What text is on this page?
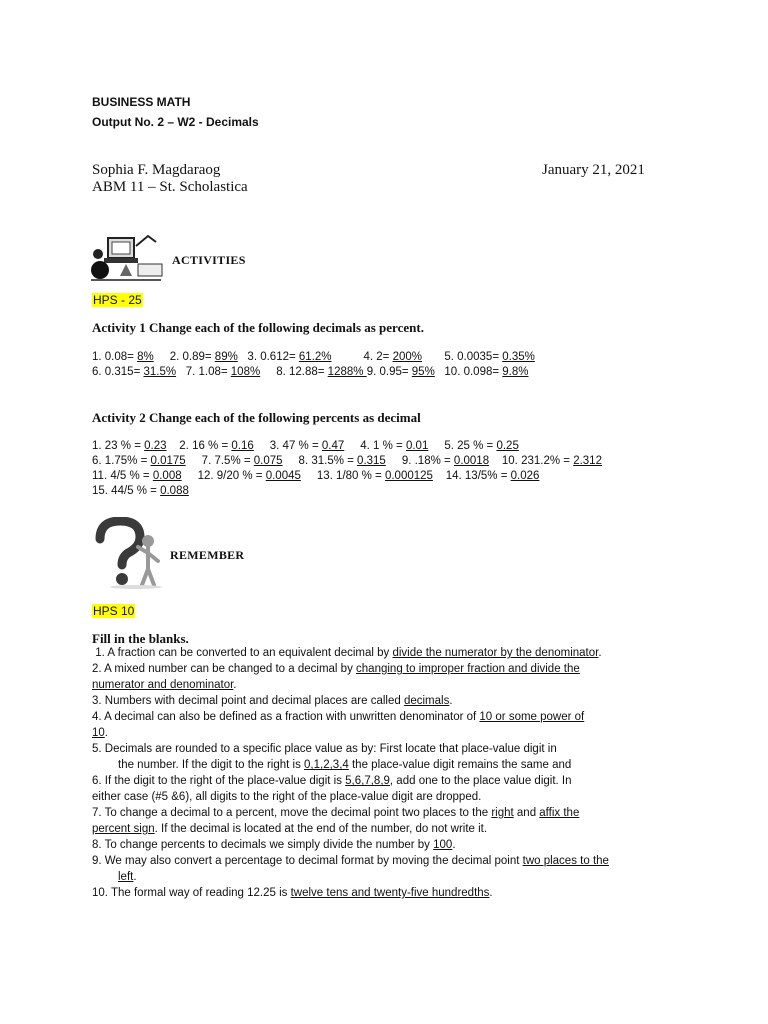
BUSINESS MATH
Output No. 2 – W2 - Decimals
Sophia F. Magdaraog
ABM 11 – St. Scholastica
January 21, 2021
ACTIVITIES
HPS - 25
Activity 1 Change each of the following decimals as percent.
1. 0.08= 8% 2. 0.89= 89% 3. 0.612= 61.2%	4. 2= 200% 5. 0.0035= 0.35%
6. 0.315= 31.5% 7. 1.08= 108% 8. 12.88= 1288% 9. 0.95= 95% 10. 0.098= 9.8%
Activity 2 Change each of the following percents as decimal
1. 23 % = 0.23 2. 16 % = 0.16 3. 47 % = 0.47 4. 1 % = 0.01 5. 25 % = 0.25
6. 1.75% = 0.0175 7. 7.5% = 0.075 8. 31.5% = 0.315 9. .18% = 0.0018 10. 231.2% = 2.312
11. 4/5 % = 0.008 12. 9/20 % = 0.0045 13. 1/80 % = 0.000125 14. 13/5% = 0.026
15. 44/5 % = 0.088
REMEMBER
HPS 10
Fill in the blanks.
1. A fraction can be converted to an equivalent decimal by divide the numerator by the denominator.
2. A mixed number can be changed to a decimal by changing to improper fraction and divide the
numerator and denominator.
3. Numbers with decimal point and decimal places are called decimals.
4. A decimal can also be defined as a fraction with unwritten denominator of 10 or some power of
10.
5. Decimals are rounded to a specific place value as by: First locate that place-value digit in
the number. If the digit to the right is 0,1,2,3,4 the place-value digit remains the same and
6. If the digit to the right of the place-value digit is 5,6,7,8,9, add one to the place value digit. In
either case (#5 &6), all digits to the right of the place-value digit are dropped.
7. To change a decimal to a percent, move the decimal point two places to the right and affix the
percent sign. If the decimal is located at the end of the number, do not write it.
8. To change percents to decimals we simply divide the number by 100.
9. We may also convert a percentage to decimal format by moving the decimal point two places to the
left.
10. The formal way of reading 12.25 is twelve tens and twenty-five hundredths.
